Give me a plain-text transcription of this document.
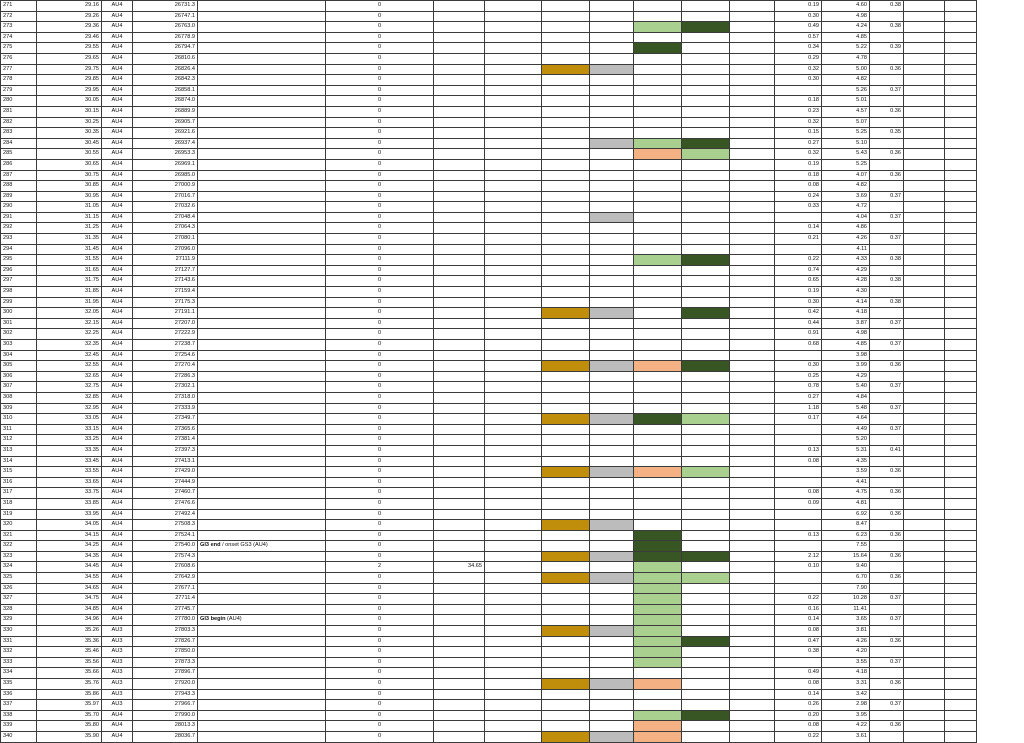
271	29.16	AU4	26731.3		0								0.19	4.60	0.38		
272	29.26	AU4	26747.1		0								0.30	4.98			
273	29.36	AU4	26763.0		0								0.49	4.24	0.38		
274	29.46	AU4	26778.9		0								0.57	4.85			
275	29.55	AU4	26794.7		0								0.34	5.22	0.39		
276	29.65	AU4	26810.6		0								0.29	4.78			
277	29.75	AU4	26826.4		0								0.32	5.00	0.36		
278	29.85	AU4	26842.3		0								0.30	4.82			
279	29.95	AU4	26858.1		0									5.26	0.37		
280	30.05	AU4	26874.0		0								0.18	5.01			
281	30.15	AU4	26889.9		0								0.23	4.57	0.36		
282	30.25	AU4	26905.7		0								0.32	5.07			
283	30.35	AU4	26921.6		0								0.15	5.25	0.35		
284	30.45	AU4	26937.4		0								0.27	5.10			
285	30.55	AU4	26953.3		0								0.32	5.43	0.36		
286	30.65	AU4	26969.1		0								0.19	5.25			
287	30.75	AU4	26985.0		0								0.18	4.07	0.36		
288	30.85	AU4	27000.9		0								0.08	4.82			
289	30.95	AU4	27016.7		0								0.24	3.69	0.37		
290	31.05	AU4	27032.6		0								0.33	4.72			
291	31.15	AU4	27048.4		0									4.04	0.37		
292	31.25	AU4	27064.3		0								0.14	4.86			
293	31.35	AU4	27080.1		0								0.21	4.26	0.37		
294	31.45	AU4	27096.0		0									4.11			
295	31.55	AU4	27111.9		0								0.22	4.33	0.38		
296	31.65	AU4	27127.7		0								0.74	4.29			
297	31.75	AU4	27143.6		0								0.65	4.28	0.38		
298	31.85	AU4	27159.4		0								0.19	4.30			
299	31.95	AU4	27175.3		0								0.30	4.14	0.38		
300	32.05	AU4	27191.1		0								0.42	4.18			
301	32.15	AU4	27207.0		0								0.44	3.87	0.37		
302	32.25	AU4	27222.9		0								0.91	4.98			
303	32.35	AU4	27238.7		0								0.68	4.85	0.37		
304	32.45	AU4	27254.6		0									3.98			
305	32.55	AU4	27270.4		0								0.30	3.99	0.36		
306	32.65	AU4	27286.3		0								0.25	4.29			
307	32.75	AU4	27302.1		0								0.78	5.40	0.37		
308	32.85	AU4	27318.0		0								0.27	4.84			
309	32.95	AU4	27333.9		0								1.18	5.48	0.37		
310	33.05	AU4	27349.7		0								0.17	4.64			
311	33.15	AU4	27365.6		0									4.49	0.37		
312	33.25	AU4	27381.4		0									5.20			
313	33.35	AU4	27397.3		0								0.13	5.31	0.41		
314	33.45	AU4	27413.1		0								0.08	4.35			
315	33.55	AU4	27429.0		0									3.59	0.36		
316	33.65	AU4	27444.9		0									4.41			
317	33.75	AU4	27460.7		0								0.08	4.75	0.36		
318	33.85	AU4	27476.6		0								0.09	4.81			
319	33.95	AU4	27492.4		0									6.92	0.36		
320	34.05	AU4	27508.3		0									8.47			
321	34.15	AU4	27524.1		0								0.13	6.23	0.36		
322	34.25	AU4	27540.0	GI3 end / onset GS3 (AU4)	0									7.55			
323	34.35	AU4	27574.3		0								2.12	15.64	0.36		
324	34.45	AU4	27608.6		2	34.65							0.10	9.40			
325	34.55	AU4	27642.9		0									6.70	0.36		
326	34.65	AU4	27677.1		0									7.90			
327	34.75	AU4	27711.4		0								0.22	10.28	0.37		
328	34.85	AU4	27745.7		0								0.16	11.41			
329	34.96	AU4	27780.0	GI3 begin (AU4)	0								0.14	3.65	0.37		
330	35.26	AU3	27803.3		0								0.08	3.81			
331	35.36	AU3	27826.7		0								0.47	4.26	0.36		
332	35.46	AU3	27850.0		0								0.38	4.20			
333	35.56	AU3	27873.3		0									3.55	0.37		
334	35.66	AU3	27896.7		0								0.49	4.18			
335	35.76	AU3	27920.0		0								0.08	3.31	0.36		
336	35.86	AU3	27943.3		0								0.14	3.42			
337	35.97	AU3	27966.7		0								0.26	2.98	0.37		
338	35.70	AU4	27990.0		0								0.20	3.95			
339	35.80	AU4	28013.3		0								0.08	4.22	0.36		
340	35.90	AU4	28036.7		0								0.22	3.61			
